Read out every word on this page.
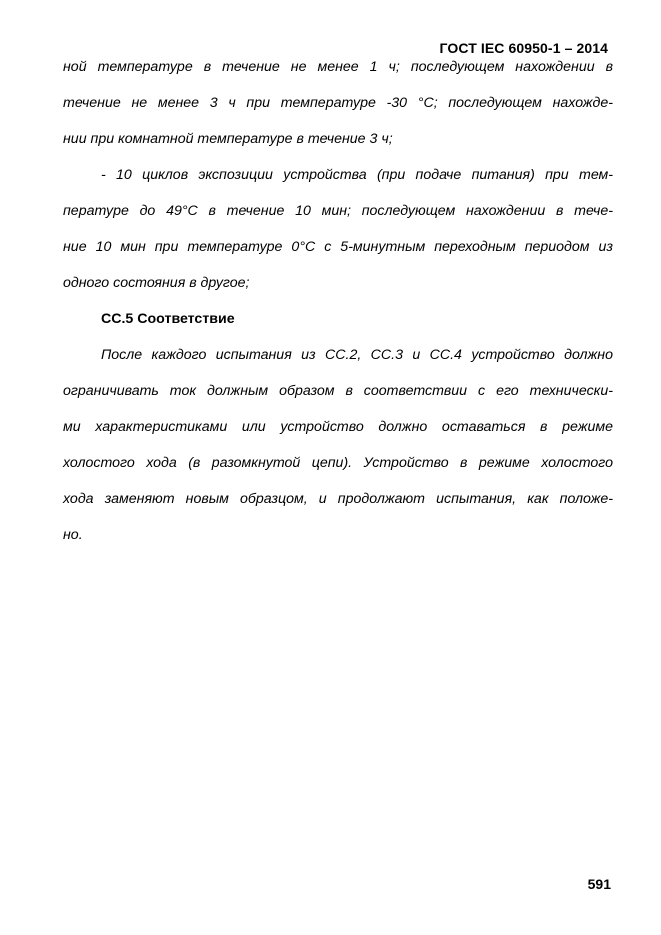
ГОСТ IEC 60950-1 – 2014
ной температуре в течение не менее 1 ч; последующем нахождении в
течение не менее 3 ч при температуре -30 °С; последующем нахожде-
нии при комнатной температуре в течение 3 ч;
- 10 циклов экспозиции устройства (при подаче питания) при тем-
пературе до 49°С в течение 10 мин; последующем нахождении в тече-
ние 10 мин при температуре 0°С с 5-минутным переходным периодом из
одного состояния в другое;
СС.5 Соответствие
После каждого испытания из СС.2, СС.3 и СС.4 устройство должно
ограничивать ток должным образом в соответствии с его технически-
ми характеристиками или устройство должно оставаться в режиме
холостого хода (в разомкнутой цепи). Устройство в режиме холостого
хода заменяют новым образцом, и продолжают испытания, как положе-
но.
591
